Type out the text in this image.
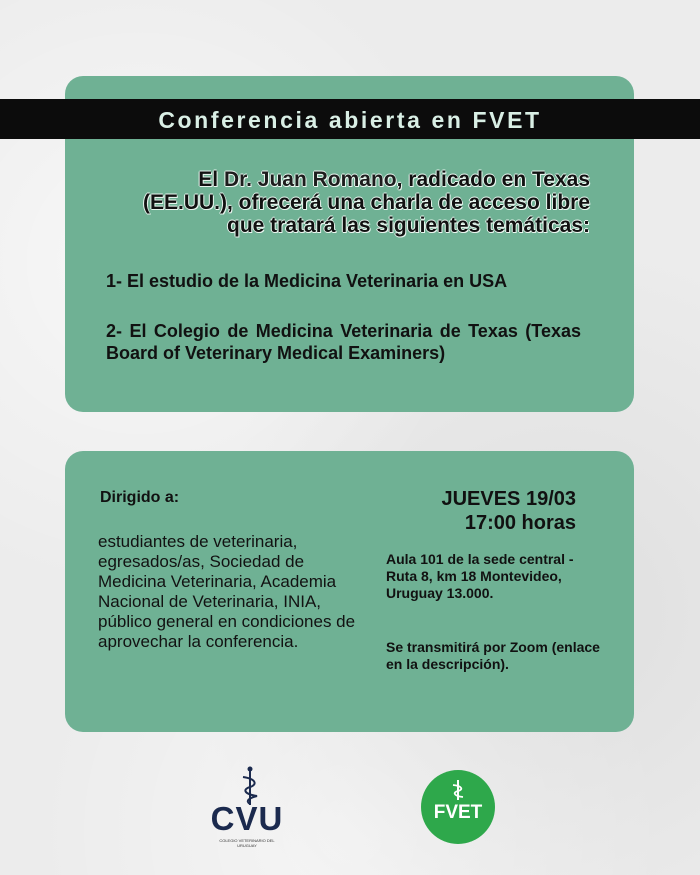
Conferencia abierta en FVET
El Dr. Juan Romano, radicado en Texas (EE.UU.), ofrecerá una charla de acceso libre que tratará las siguientes temáticas:
1- El estudio de la Medicina Veterinaria en USA
2- El Colegio de Medicina Veterinaria de Texas (Texas Board of Veterinary Medical Examiners)
Dirigido a:
estudiantes de veterinaria, egresados/as, Sociedad de Medicina Veterinaria, Academia Nacional de Veterinaria, INIA, público general en condiciones de aprovechar la conferencia.
JUEVES 19/03
17:00 horas
Aula 101 de la sede central - Ruta 8, km 18 Montevideo, Uruguay 13.000.
Se transmitirá por Zoom (enlace en la descripción).
CVU
COLEGIO VETERINARIO DEL URUGUAY
FVET
